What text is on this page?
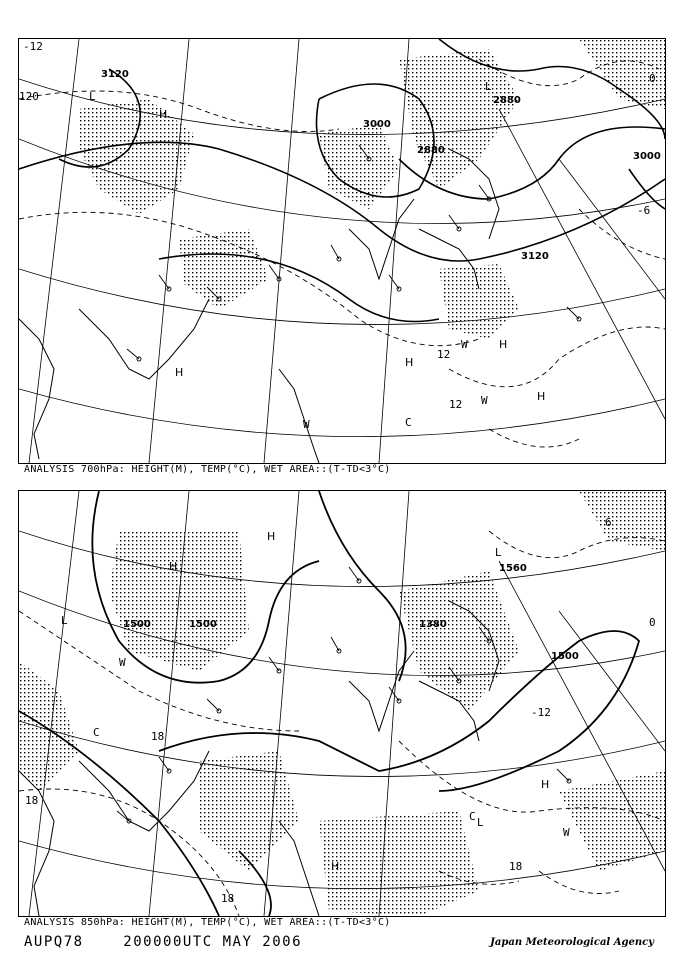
-12
120
3120
3000
2880
2880
3000
3120
-6
0
12
12
H
H
H
L
H
H
W
W
C
L
W
ANALYSIS 700hPa: HEIGHT(M), TEMP(°C), WET AREA::(T-TD<3°C)
1500	1500	1380
1500
1560
18
18
18
18
-12
0
6
H
H
L
L
W
H
C
C
W
H
L
ANALYSIS 850hPa: HEIGHT(M), TEMP(°C), WET AREA::(T-TD<3°C)
AUPQ78	200000UTC MAY 2006	Japan Meteorological Agency
